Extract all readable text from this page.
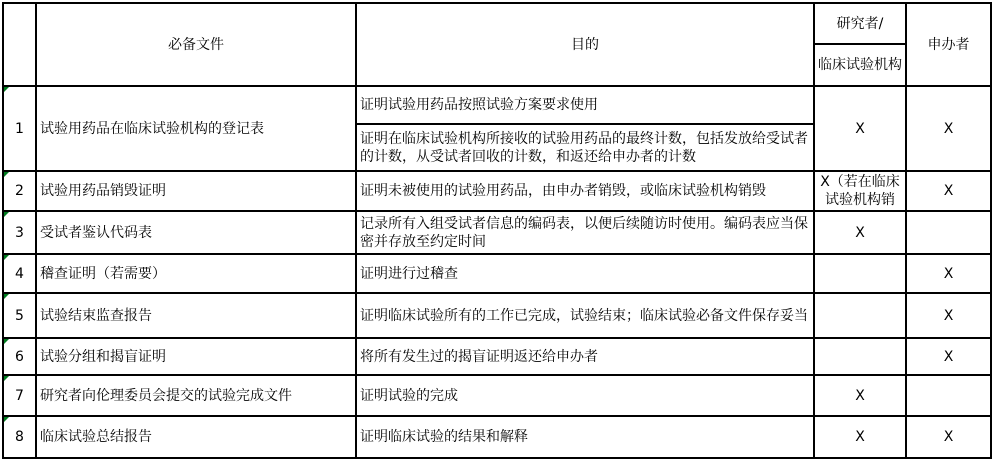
	必备文件	目的	研究者/	申办者
			临床试验机构	

1	试验用药品在临床试验机构的登记表	证明试验用药品按照试验方案要求使用	X	X
		证明在临床试验机构所接收的试验用药品的最终计数，包括发放给受试者的计数，从受试者回收的计数，和返还给申办者的计数		

2	试验用药品销毁证明	证明未被使用的试验用药品，由申办者销毁，或临床试验机构销毁	X（若在临床试验机构销	X

3	受试者鉴认代码表	记录所有入组受试者信息的编码表，以便后续随访时使用。编码表应当保密并存放至约定时间	X	

4	稽查证明（若需要）	证明进行过稽查		X

5	试验结束监查报告	证明临床试验所有的工作已完成，试验结束；临床试验必备文件保存妥当		X

6	试验分组和揭盲证明	将所有发生过的揭盲证明返还给申办者		X

7	研究者向伦理委员会提交的试验完成文件	证明试验的完成	X	

8	临床试验总结报告	证明临床试验的结果和解释	X	X
